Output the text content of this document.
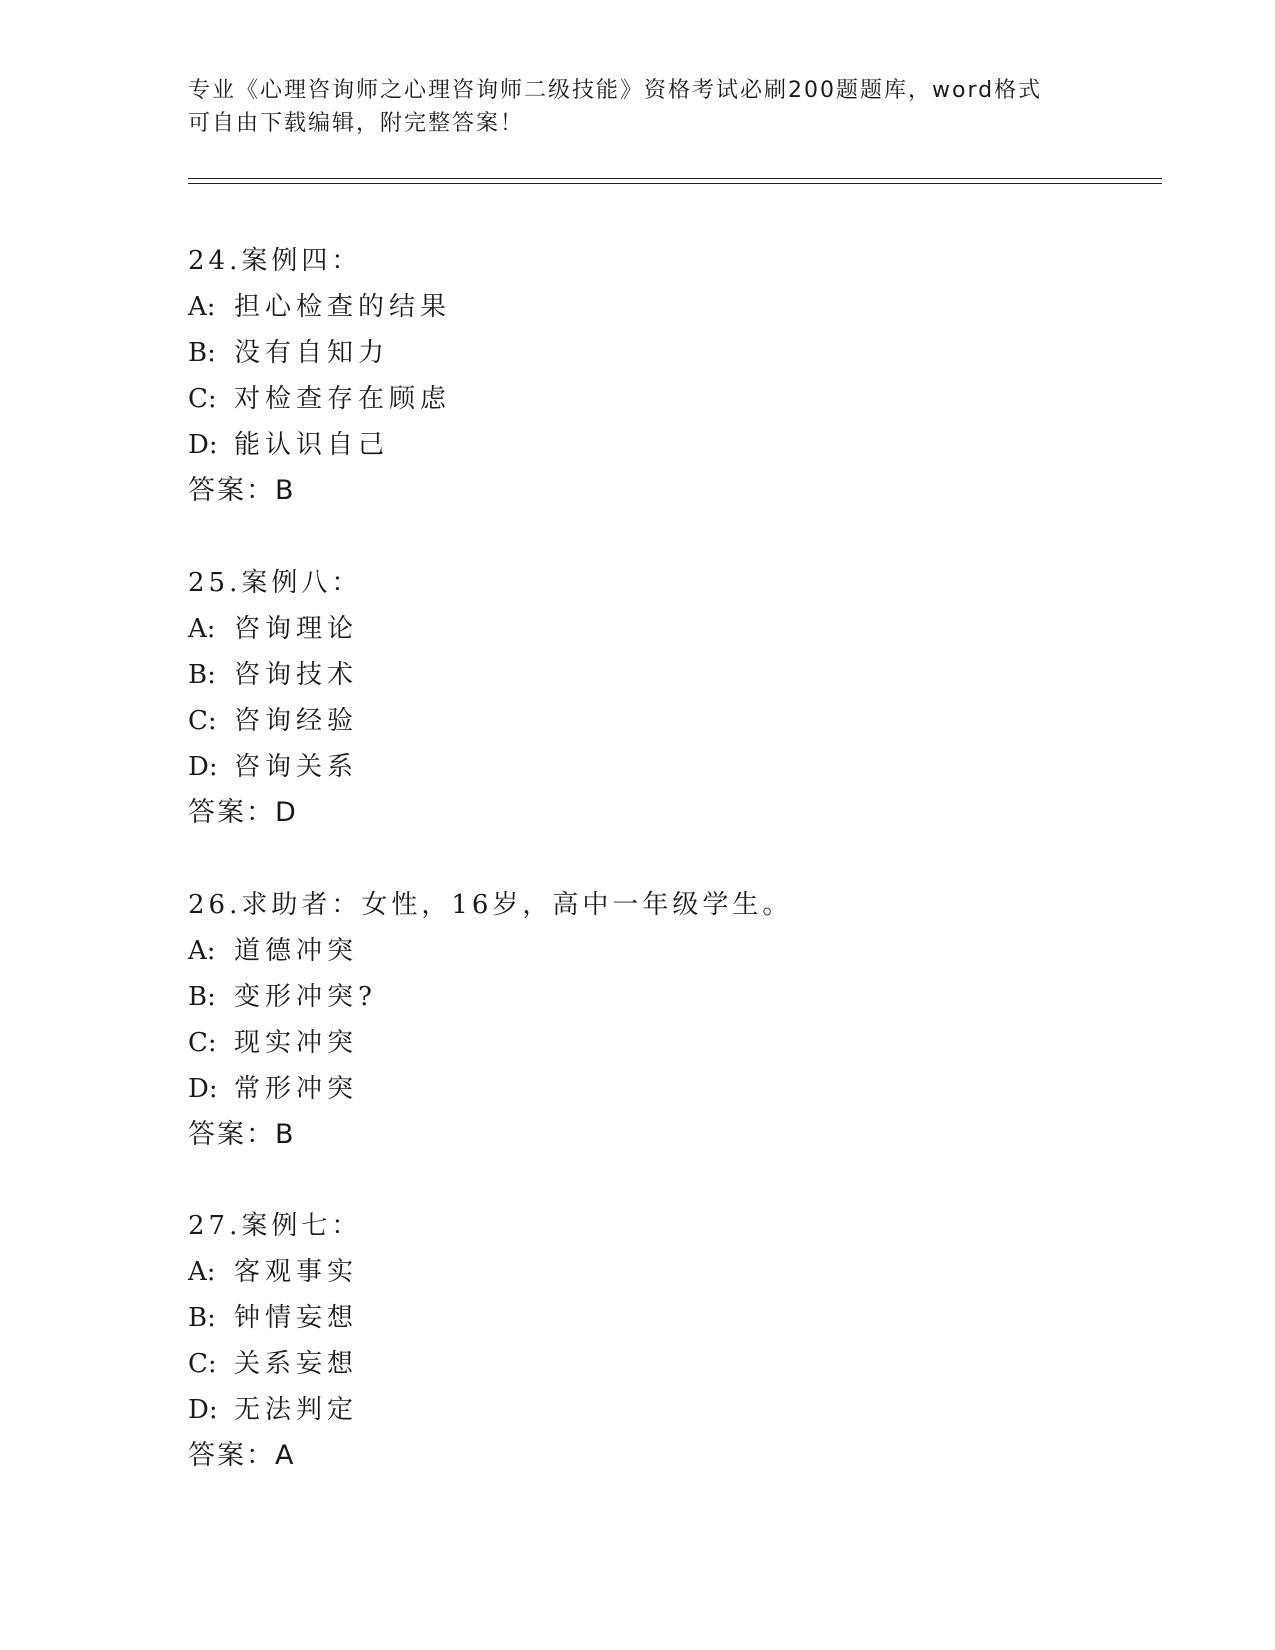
专业《心理咨询师之心理咨询师二级技能》资格考试必刷200题题库，word格式
可自由下载编辑，附完整答案！
24.案例四：
A: 担心检查的结果
B: 没有自知力
C: 对检查存在顾虑
D: 能认识自己
答案：B
25.案例八：
A: 咨询理论
B: 咨询技术
C: 咨询经验
D: 咨询关系
答案：D
26.求助者：女性，16岁，高中一年级学生。
A: 道德冲突
B: 变形冲突?
C: 现实冲突
D: 常形冲突
答案：B
27.案例七：
A: 客观事实
B: 钟情妄想
C: 关系妄想
D: 无法判定
答案：A
